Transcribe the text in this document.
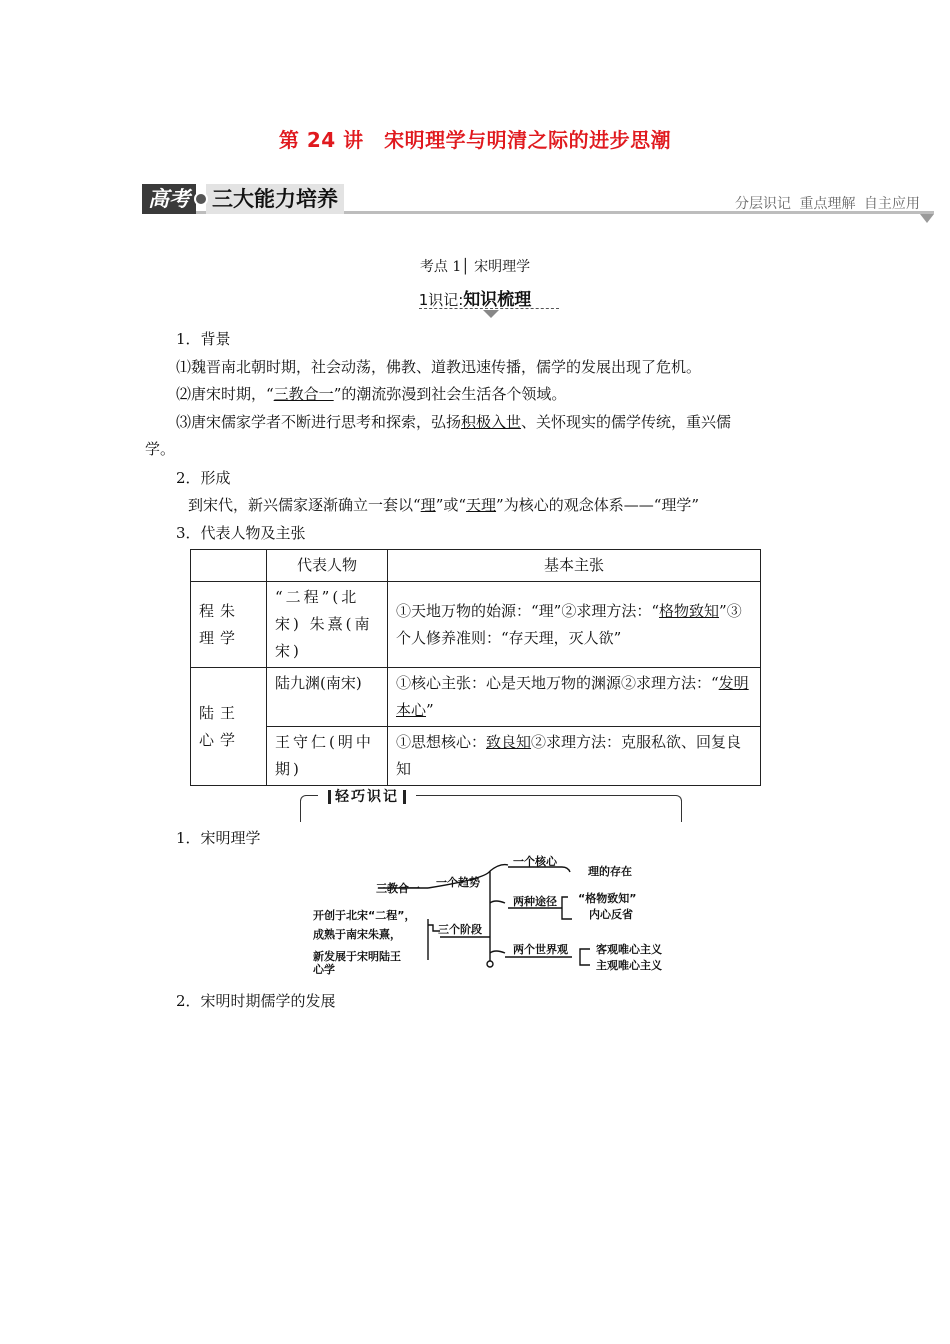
第 24 讲　宋明理学与明清之际的进步思潮
高考 三大能力培养	分层识记 重点理解 自主应用
考点 1│ 宋明理学
1识记:知识梳理
1．背景
⑴魏晋南北朝时期，社会动荡，佛教、道教迅速传播，儒学的发展出现了危机。
⑵唐宋时期，“三教合一”的潮流弥漫到社会生活各个领域。
⑶唐宋儒家学者不断进行思考和探索，弘扬积极入世、关怀现实的儒学传统，重兴儒
学。
2．形成
到宋代，新兴儒家逐渐确立一套以“理”或“天理”为核心的观念体系——“理学”
3．代表人物及主张
	代表人物	基本主张
程朱理学	“二程”(北宋) 朱熹(南宋)	①天地万物的始源：“理”②求理方法：“格物致知”③个人修养准则：“存天理，灭人欲”
陆王心学	陆九渊(南宋)	①核心主张：心是天地万物的渊源②求理方法：“发明本心”
	王守仁(明中期)	①思想核心：致良知②求理方法：克服私欲、回复良知
轻巧识记
1．宋明理学
三教合一 一个趋势
一个核心
理的存在
两种途径 “格物致知”
内心反省
开创于北宋“二程”，
成熟于南宋朱熹，
新发展于宋明陆王
心学
三个阶段
两个世界观	客观唯心主义
主观唯心主义
2．宋明时期儒学的发展
